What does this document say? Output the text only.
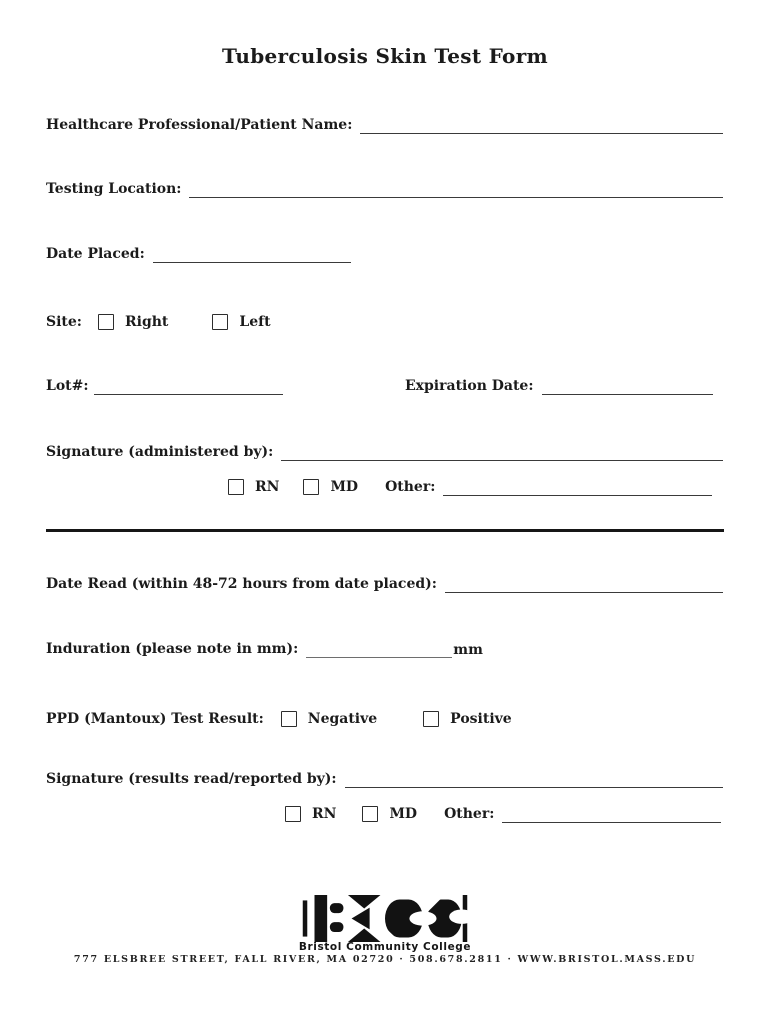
Tuberculosis Skin Test Form
Healthcare Professional/Patient Name:
Testing Location:
Date Placed:
Site:	Right	Left
Lot#:	Expiration Date:
Signature (administered by):
RN	MD Other:
Date Read (within 48-72 hours from date placed):
Induration (please note in mm):	mm
PPD (Mantoux) Test Result:	Negative	Positive
Signature (results read/reported by):
RN	MD Other:
Bristol Community College
777 ELSBREE STREET, FALL RIVER, MA 02720 · 508.678.2811 · WWW.BRISTOL.MASS.EDU
